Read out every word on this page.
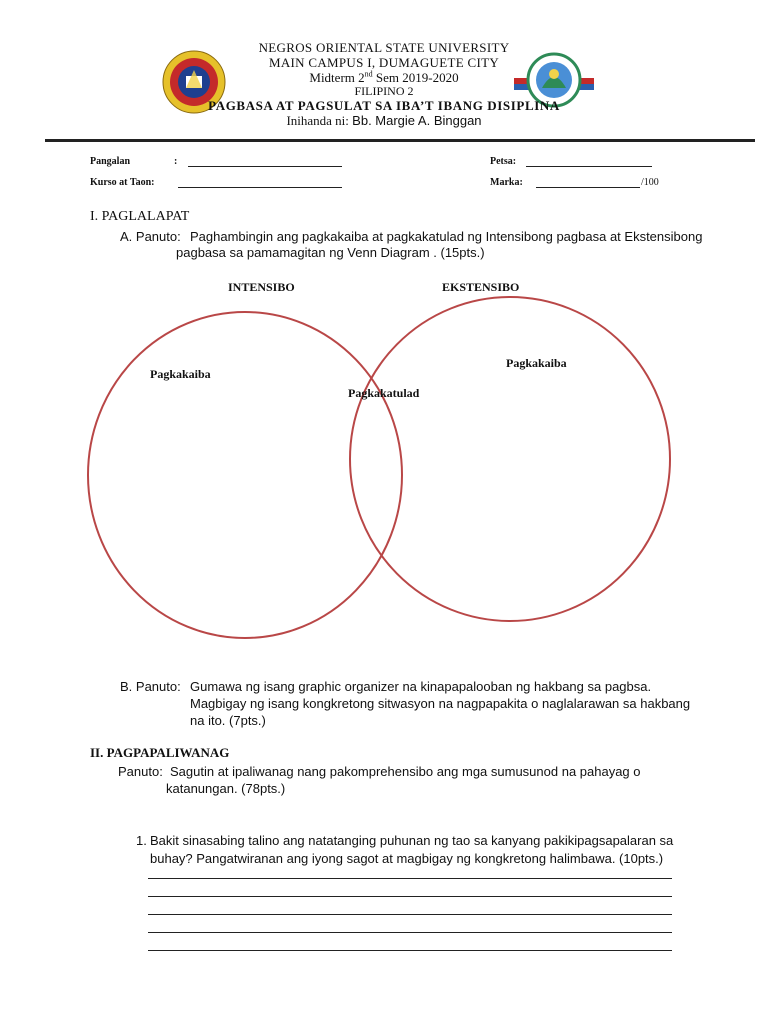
NEGROS ORIENTAL STATE UNIVERSITY
MAIN CAMPUS I, DUMAGUETE CITY
Midterm 2nd Sem 2019-2020
FILIPINO 2
PAGBASA AT PAGSULAT SA IBA’T IBANG DISIPLINA
Inihanda ni: Bb. Margie A. Binggan
Pangalan	:
Kurso at Taon:
Petsa:
Marka:	/100
I. PAGLALAPAT
A. Panuto: Paghambingin ang pagkakaiba at pagkakatulad ng Intensibong pagbasa at Ekstensibong
pagbasa sa pamamagitan ng Venn Diagram . (15pts.)
INTENSIBO	EKSTENSIBO
Pagkakaiba
Pagkakaiba
Pagkakatulad
B. Panuto: Gumawa ng isang graphic organizer na kinapapalooban ng hakbang sa pagbsa.
Magbigay ng isang kongkretong sitwasyon na nagpapakita o naglalarawan sa hakbang
na ito. (7pts.)
II. PAGPAPALIWANAG
Panuto: Sagutin at ipaliwanag nang pakomprehensibo ang mga sumusunod na pahayag o
katanungan. (78pts.)
1. Bakit sinasabing talino ang natatanging puhunan ng tao sa kanyang pakikipagsapalaran sa
buhay? Pangatwiranan ang iyong sagot at magbigay ng kongkretong halimbawa. (10pts.)
